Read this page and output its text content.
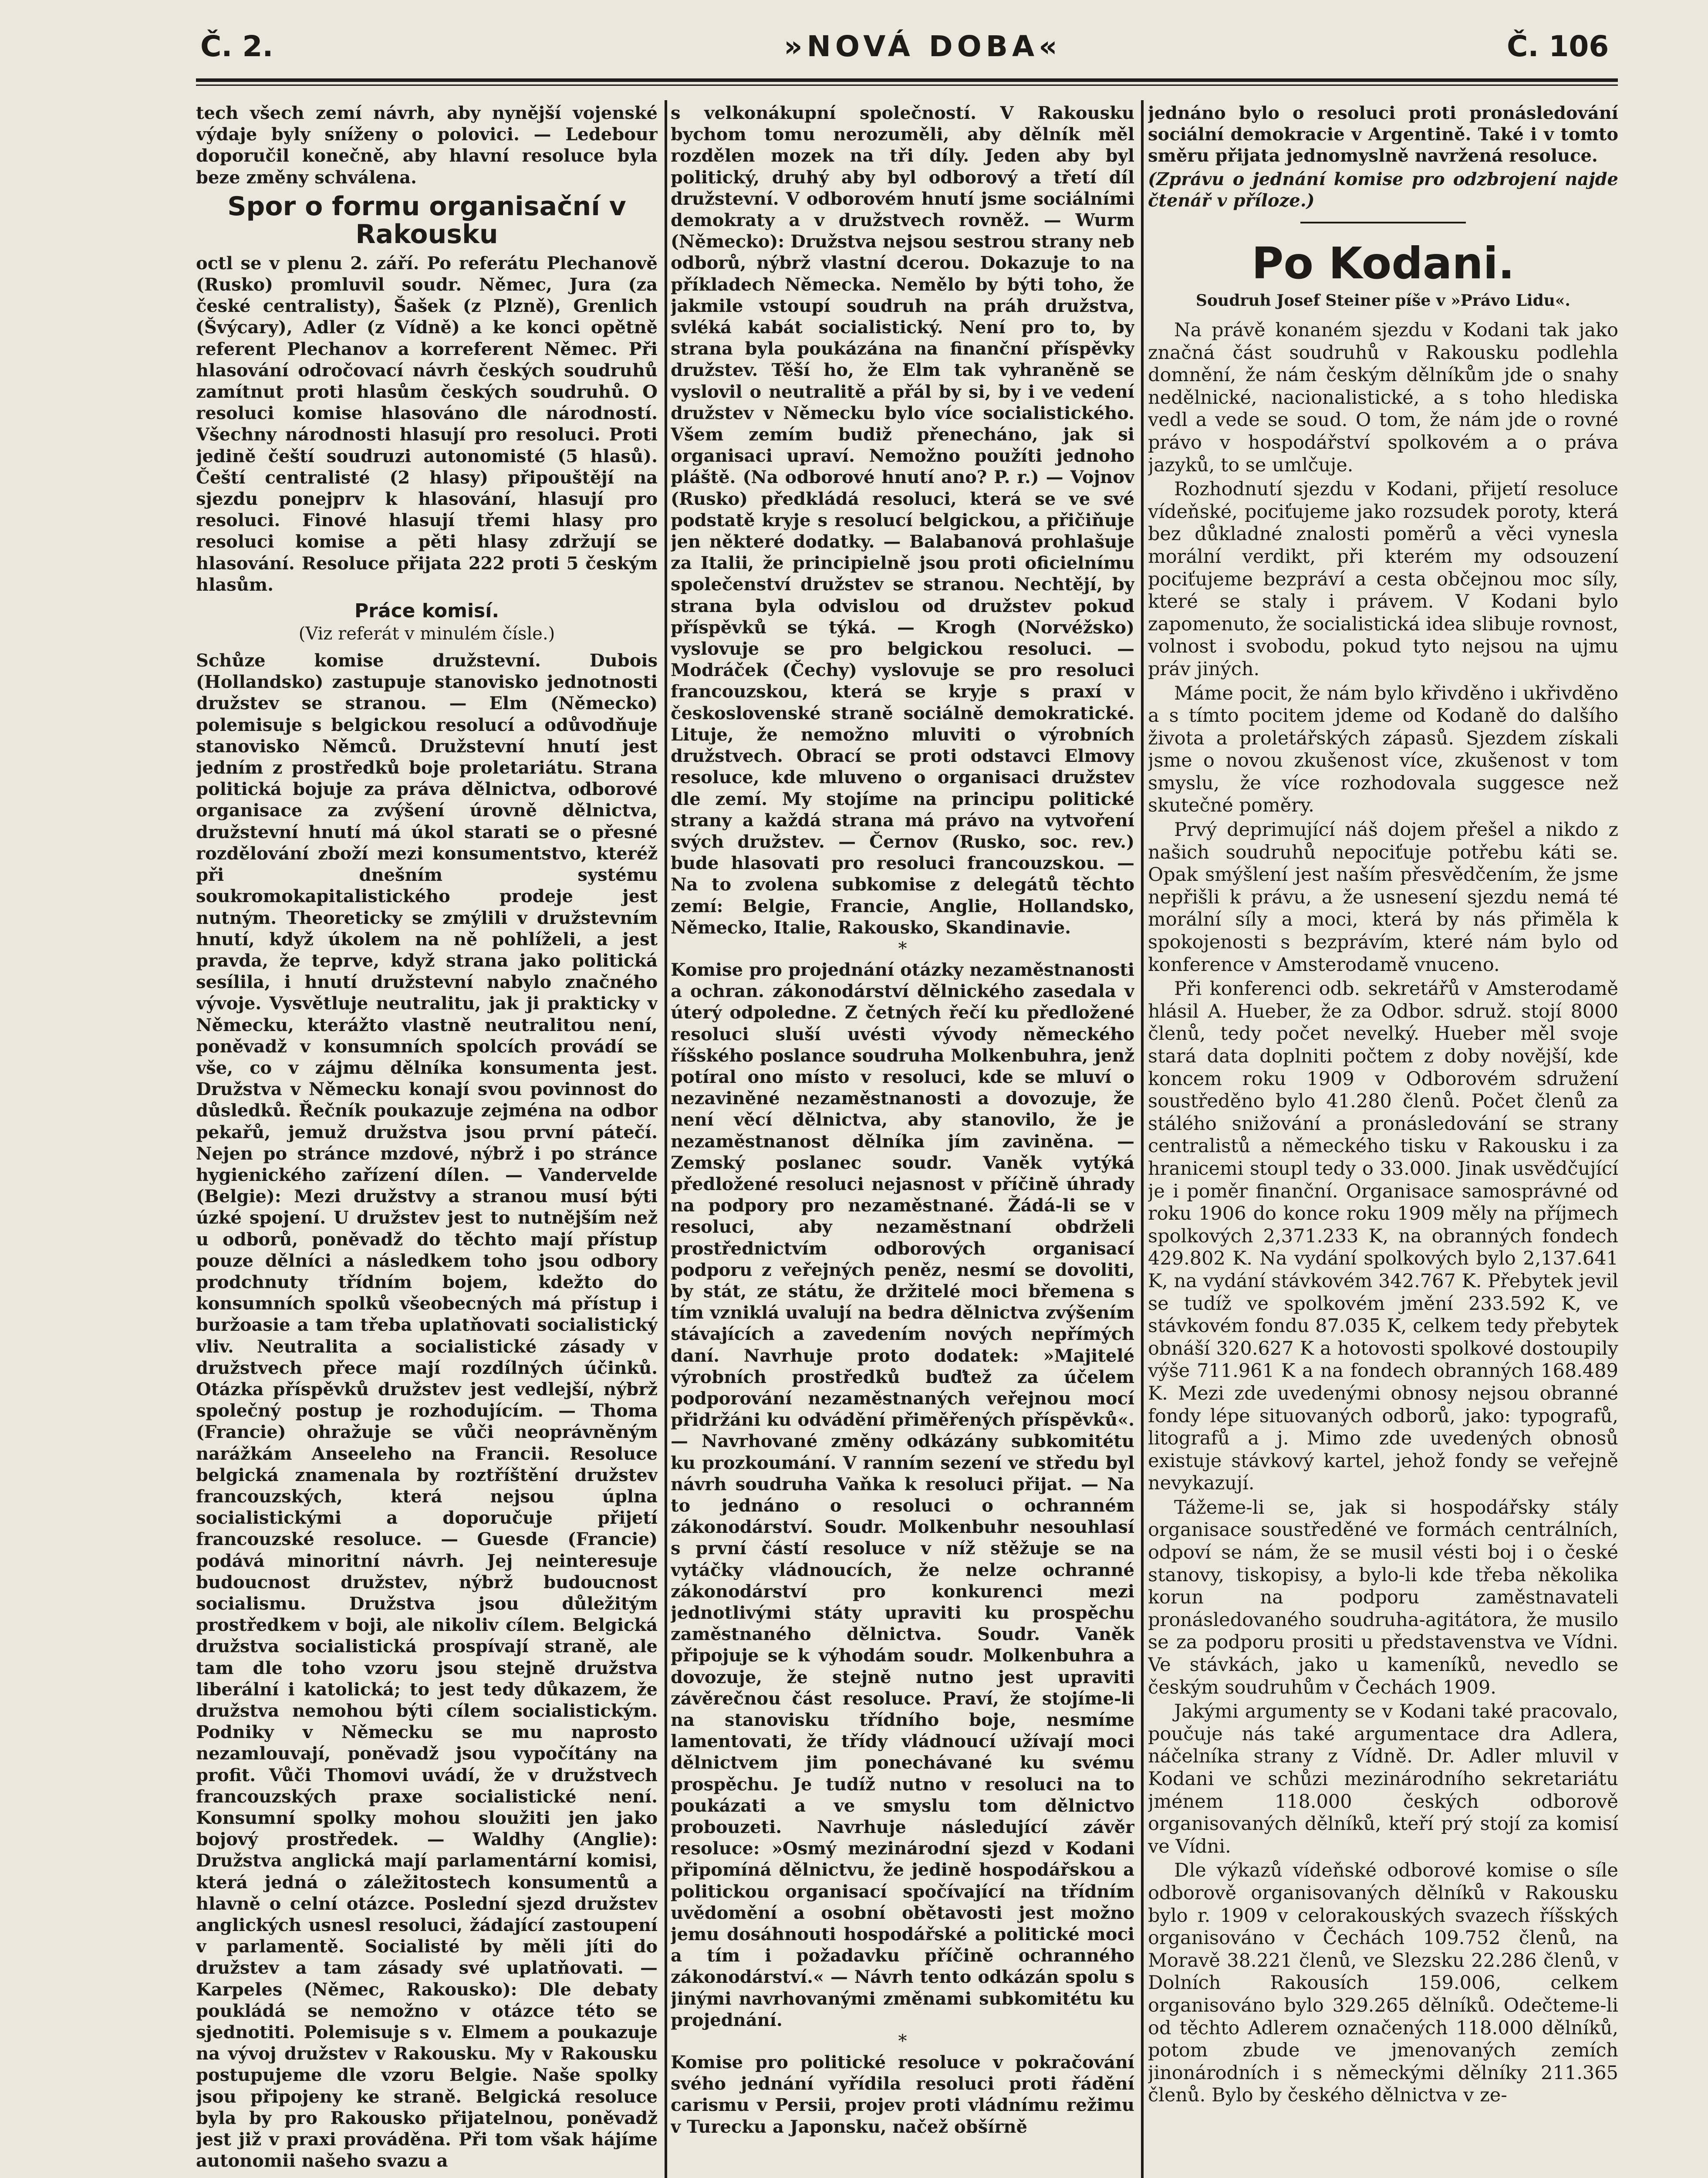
Č. 2.	»NOVÁ DOBA«	Č. 106

tech všech zemí návrh, aby nynější vojenské výdaje byly sníženy o polovici. — Ledebour doporučil konečně, aby hlavní resoluce byla beze změny schválena.

Spor o formu organisační v Rakousku

octl se v plenu 2. září. Po referátu Plechanově (Rusko) promluvil soudr. Němec, Jura (za české centralisty), Šašek (z Plzně), Grenlich (Švýcary), Adler (z Vídně) a ke konci opětně referent Plechanov a korreferent Němec. Při hlasování odročovací návrh českých soudruhů zamítnut proti hlasům českých soudruhů. O resoluci komise hlasováno dle národností. Všechny národnosti hlasují pro resoluci. Proti jedině čeští soudruzi autonomisté (5 hlasů). Čeští centralisté (2 hlasy) připouštějí na sjezdu ponejprv k hlasování, hlasují pro resoluci. Finové hlasují třemi hlasy pro resoluci komise a pěti hlasy zdržují se hlasování. Resoluce přijata 222 proti 5 českým hlasům.

Práce komisí.
(Viz referát v minulém čísle.)

Schůze komise družstevní. Dubois (Hollandsko) zastupuje stanovisko jednotnosti družstev se stranou. — Elm (Německo) polemisuje s belgickou resolucí a odůvodňuje stanovisko Němců. Družstevní hnutí jest jedním z prostředků boje proletariátu. Strana politická bojuje za práva dělnictva, odborové organisace za zvýšení úrovně dělnictva, družstevní hnutí má úkol starati se o přesné rozdělování zboží mezi konsumentstvo, kteréž při dnešním systému soukromokapitalistického prodeje jest nutným. Theoreticky se zmýlili v družstevním hnutí, když úkolem na ně pohlíželi, a jest pravda, že teprve, když strana jako politická sesílila, i hnutí družstevní nabylo značného vývoje. Vysvětluje neutralitu, jak ji prakticky v Německu, kterážto vlastně neutralitou není, poněvadž v konsumních spolcích provádí se vše, co v zájmu dělníka konsumenta jest. Družstva v Německu konají svou povinnost do důsledků. Řečník poukazuje zejména na odbor pekařů, jemuž družstva jsou první pátečí. Nejen po stránce mzdové, nýbrž i po stránce hygienického zařízení dílen. — Vandervelde (Belgie): Mezi družstvy a stranou musí býti úzké spojení. U družstev jest to nutnějším než u odborů, poněvadž do těchto mají přístup pouze dělníci a následkem toho jsou odbory prodchnuty třídním bojem, kdežto do konsumních spolků všeobecných má přístup i buržoasie a tam třeba uplatňovati socialistický vliv. Neutralita a socialistické zásady v družstvech přece mají rozdílných účinků. Otázka příspěvků družstev jest vedlejší, nýbrž společný postup je rozhodujícím. — Thoma (Francie) ohražuje se vůči neoprávněným narážkám Anseeleho na Francii. Resoluce belgická znamenala by roztříštění družstev francouzských, která nejsou úplna socialistickými a doporučuje přijetí francouzské resoluce. — Guesde (Francie) podává minoritní návrh. Jej neinteresuje budoucnost družstev, nýbrž budoucnost socialismu. Družstva jsou důležitým prostředkem v boji, ale nikoliv cílem. Belgická družstva socialistická prospívají straně, ale tam dle toho vzoru jsou stejně družstva liberální i katolická; to jest tedy důkazem, že družstva nemohou býti cílem socialistickým. Podniky v Německu se mu naprosto nezamlouvají, poněvadž jsou vypočítány na profit. Vůči Thomovi uvádí, že v družstvech francouzských praxe socialistické není. Konsumní spolky mohou sloužiti jen jako bojový prostředek. — Waldhy (Anglie): Družstva anglická mají parlamentární komisi, která jedná o záležitostech konsumentů a hlavně o celní otázce. Poslední sjezd družstev anglických usnesl resoluci, žádající zastoupení v parlamentě. Socialisté by měli jíti do družstev a tam zásady své uplatňovati. — Karpeles (Němec, Rakousko): Dle debaty poukládá se nemožno v otázce této se sjednotiti. Polemisuje s v. Elmem a poukazuje na vývoj družstev v Rakousku. My v Rakousku postupujeme dle vzoru Belgie. Naše spolky jsou připojeny ke straně. Belgická resoluce byla by pro Rakousko přijatelnou, poněvadž jest již v praxi prováděna. Při tom však hájíme autonomii našeho svazu a

s velkonákupní společností. V Rakousku bychom tomu nerozuměli, aby dělník měl rozdělen mozek na tři díly. Jeden aby byl politický, druhý aby byl odborový a třetí díl družstevní. V odborovém hnutí jsme sociálními demokraty a v družstvech rovněž. — Wurm (Německo): Družstva nejsou sestrou strany neb odborů, nýbrž vlastní dcerou. Dokazuje to na příkladech Německa. Nemělo by býti toho, že jakmile vstoupí soudruh na práh družstva, svléká kabát socialistický. Není pro to, by strana byla poukázána na finanční příspěvky družstev. Těší ho, že Elm tak vyhraněně se vyslovil o neutralitě a přál by si, by i ve vedení družstev v Německu bylo více socialistického. Všem zemím budiž přenecháno, jak si organisaci upraví. Nemožno použíti jednoho pláště. (Na odborové hnutí ano? P. r.) — Vojnov (Rusko) předkládá resoluci, která se ve své podstatě kryje s resolucí belgickou, a přičiňuje jen některé dodatky. — Balabanová prohlašuje za Italii, že principielně jsou proti oficielnímu společenství družstev se stranou. Nechtějí, by strana byla odvislou od družstev pokud příspěvků se týká. — Krogh (Norvéžsko) vyslovuje se pro belgickou resoluci. — Modráček (Čechy) vyslovuje se pro resoluci francouzskou, která se kryje s praxí v československé straně sociálně demokratické. Lituje, že nemožno mluviti o výrobních družstvech. Obrací se proti odstavci Elmovy resoluce, kde mluveno o organisaci družstev dle zemí. My stojíme na principu politické strany a každá strana má právo na vytvoření svých družstev. — Černov (Rusko, soc. rev.) bude hlasovati pro resoluci francouzskou. — Na to zvolena subkomise z delegátů těchto zemí: Belgie, Francie, Anglie, Hollandsko, Německo, Italie, Rakousko, Skandinavie.

*

Komise pro projednání otázky nezaměstnanosti a ochran. zákonodárství dělnického zasedala v úterý odpoledne. Z četných řečí ku předložené resoluci sluší uvésti vývody německého říšského poslance soudruha Molkenbuhra, jenž potíral ono místo v resoluci, kde se mluví o nezaviněné nezaměstnanosti a dovozuje, že není věcí dělnictva, aby stanovilo, že je nezaměstnanost dělníka jím zaviněna. — Zemský poslanec soudr. Vaněk vytýká předložené resoluci nejasnost v příčině úhrady na podpory pro nezaměstnané. Žádá-li se v resoluci, aby nezaměstnaní obdrželi prostřednictvím odborových organisací podporu z veřejných peněz, nesmí se dovoliti, by stát, ze státu, že držitelé moci břemena s tím vzniklá uvalují na bedra dělnictva zvýšením stávajících a zavedením nových nepřímých daní. Navrhuje proto dodatek: »Majitelé výrobních prostředků buďtež za účelem podporování nezaměstnaných veřejnou mocí přidržáni ku odvádění přiměřených příspěvků«. — Navrhované změny odkázány subkomitétu ku prozkoumání. V ranním sezení ve středu byl návrh soudruha Vaňka k resoluci přijat. — Na to jednáno o resoluci o ochranném zákonodárství. Soudr. Molkenbuhr nesouhlasí s první částí resoluce v níž stěžuje se na vytáčky vládnoucích, že nelze ochranné zákonodárství pro konkurenci mezi jednotlivými státy upraviti ku prospěchu zaměstnaného dělnictva. Soudr. Vaněk připojuje se k výhodám soudr. Molkenbuhra a dovozuje, že stejně nutno jest upraviti závěrečnou část resoluce. Praví, že stojíme-li na stanovisku třídního boje, nesmíme lamentovati, že třídy vládnoucí užívají moci dělnictvem jim ponechávané ku svému prospěchu. Je tudíž nutno v resoluci na to poukázati a ve smyslu tom dělnictvo probouzeti. Navrhuje následující závěr resoluce: »Osmý mezinárodní sjezd v Kodani připomíná dělnictvu, že jedině hospodářskou a politickou organisací spočívající na třídním uvědomění a osobní obětavosti jest možno jemu dosáhnouti hospodářské a politické moci a tím i požadavku příčině ochranného zákonodárství.« — Návrh tento odkázán spolu s jinými navrhovanými změnami subkomitétu ku projednání.

*

Komise pro politické resoluce v pokračování svého jednání vyřídila resoluci proti řádění carismu v Persii, projev proti vládnímu režimu v Turecku a Japonsku, načež obšírně

jednáno bylo o resoluci proti pronásledování sociální demokracie v Argentině. Také i v tomto směru přijata jednomyslně navržená resoluce.

(Zprávu o jednání komise pro odzbrojení najde čtenář v příloze.)

Po Kodani.
Soudruh Josef Steiner píše v »Právo Lidu«.

Na právě konaném sjezdu v Kodani tak jako značná část soudruhů v Rakousku podlehla domnění, že nám českým dělníkům jde o snahy nedělnické, nacionalistické, a s toho hlediska vedl a vede se soud. O tom, že nám jde o rovné právo v hospodářství spolkovém a o práva jazyků, to se umlčuje.

Rozhodnutí sjezdu v Kodani, přijetí resoluce vídeňské, pociťujeme jako rozsudek poroty, která bez důkladné znalosti poměrů a věci vynesla morální verdikt, při kterém my odsouzení pociťujeme bezpráví a cesta občejnou moc síly, které se staly i právem. V Kodani bylo zapomenuto, že socialistická idea slibuje rovnost, volnost i svobodu, pokud tyto nejsou na ujmu práv jiných.

Máme pocit, že nám bylo křivděno i ukřivděno a s tímto pocitem jdeme od Kodaně do dalšího života a proletářských zápasů. Sjezdem získali jsme o novou zkušenost více, zkušenost v tom smyslu, že více rozhodovala suggesce než skutečné poměry.

Prvý deprimující náš dojem přešel a nikdo z našich soudruhů nepociťuje potřebu káti se. Opak smýšlení jest naším přesvědčením, že jsme nepřišli k právu, a že usnesení sjezdu nemá té morální síly a moci, která by nás přiměla k spokojenosti s bezprávím, které nám bylo od konference v Amsterodamě vnuceno.

Při konferenci odb. sekretářů v Amsterodamě hlásil A. Hueber, že za Odbor. sdruž. stojí 8000 členů, tedy počet nevelký. Hueber měl svoje stará data doplniti počtem z doby novější, kde koncem roku 1909 v Odborovém sdružení soustředěno bylo 41.280 členů. Počet členů za stálého snižování a pronásledování se strany centralistů a německého tisku v Rakousku i za hranicemi stoupl tedy o 33.000. Jinak usvědčující je i poměr finanční. Organisace samosprávné od roku 1906 do konce roku 1909 měly na příjmech spolkových 2,371.233 K, na obranných fondech 429.802 K. Na vydání spolkových bylo 2,137.641 K, na vydání stávkovém 342.767 K. Přebytek jevil se tudíž ve spolkovém jmění 233.592 K, ve stávkovém fondu 87.035 K, celkem tedy přebytek obnáší 320.627 K a hotovosti spolkové dostoupily výše 711.961 K a na fondech obranných 168.489 K. Mezi zde uvedenými obnosy nejsou obranné fondy lépe situovaných odborů, jako: typografů, litografů a j. Mimo zde uvedených obnosů existuje stávkový kartel, jehož fondy se veřejně nevykazují.

Tážeme-li se, jak si hospodářsky stály organisace soustředěné ve formách centrálních, odpoví se nám, že se musil vésti boj i o české stanovy, tiskopisy, a bylo-li kde třeba několika korun na podporu zaměstnavateli pronásledovaného soudruha-agitátora, že musilo se za podporu prositi u představenstva ve Vídni. Ve stávkách, jako u kameníků, nevedlo se českým soudruhům v Čechách 1909.

Jakými argumenty se v Kodani také pracovalo, poučuje nás také argumentace dra Adlera, náčelníka strany z Vídně. Dr. Adler mluvil v Kodani ve schůzi mezinárodního sekretariátu jménem 118.000 českých odborově organisovaných dělníků, kteří prý stojí za komisí ve Vídni.

Dle výkazů vídeňské odborové komise o síle odborově organisovaných dělníků v Rakousku bylo r. 1909 v celorakouských svazech říšských organisováno v Čechách 109.752 členů, na Moravě 38.221 členů, ve Slezsku 22.286 členů, v Dolních Rakousích 159.006, celkem organisováno bylo 329.265 dělníků. Odečteme-li od těchto Adlerem označených 118.000 dělníků, potom zbude ve jmenovaných zemích jinonárodních i s německými dělníky 211.365 členů. Bylo by českého dělnictva v ze-
